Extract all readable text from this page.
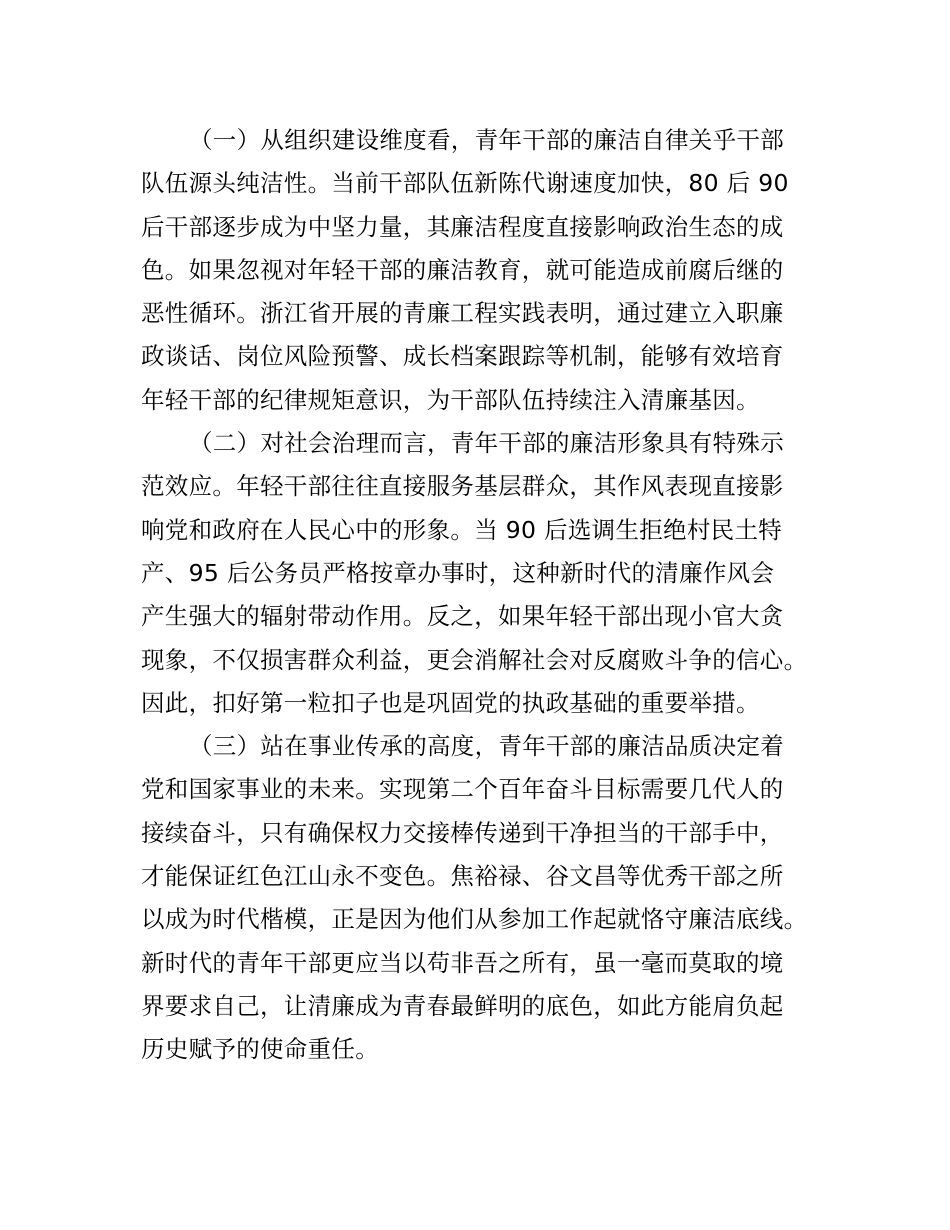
（一）从组织建设维度看，青年干部的廉洁自律关乎干部
队伍源头纯洁性。当前干部队伍新陈代谢速度加快，80 后 90
后干部逐步成为中坚力量，其廉洁程度直接影响政治生态的成
色。如果忽视对年轻干部的廉洁教育，就可能造成前腐后继的
恶性循环。浙江省开展的青廉工程实践表明，通过建立入职廉
政谈话、岗位风险预警、成长档案跟踪等机制，能够有效培育
年轻干部的纪律规矩意识，为干部队伍持续注入清廉基因。
（二）对社会治理而言，青年干部的廉洁形象具有特殊示
范效应。年轻干部往往直接服务基层群众，其作风表现直接影
响党和政府在人民心中的形象。当 90 后选调生拒绝村民土特
产、95 后公务员严格按章办事时，这种新时代的清廉作风会
产生强大的辐射带动作用。反之，如果年轻干部出现小官大贪
现象，不仅损害群众利益，更会消解社会对反腐败斗争的信心。
因此，扣好第一粒扣子也是巩固党的执政基础的重要举措。
（三）站在事业传承的高度，青年干部的廉洁品质决定着
党和国家事业的未来。实现第二个百年奋斗目标需要几代人的
接续奋斗，只有确保权力交接棒传递到干净担当的干部手中，
才能保证红色江山永不变色。焦裕禄、谷文昌等优秀干部之所
以成为时代楷模，正是因为他们从参加工作起就恪守廉洁底线。
新时代的青年干部更应当以苟非吾之所有，虽一毫而莫取的境
界要求自己，让清廉成为青春最鲜明的底色，如此方能肩负起
历史赋予的使命重任。
